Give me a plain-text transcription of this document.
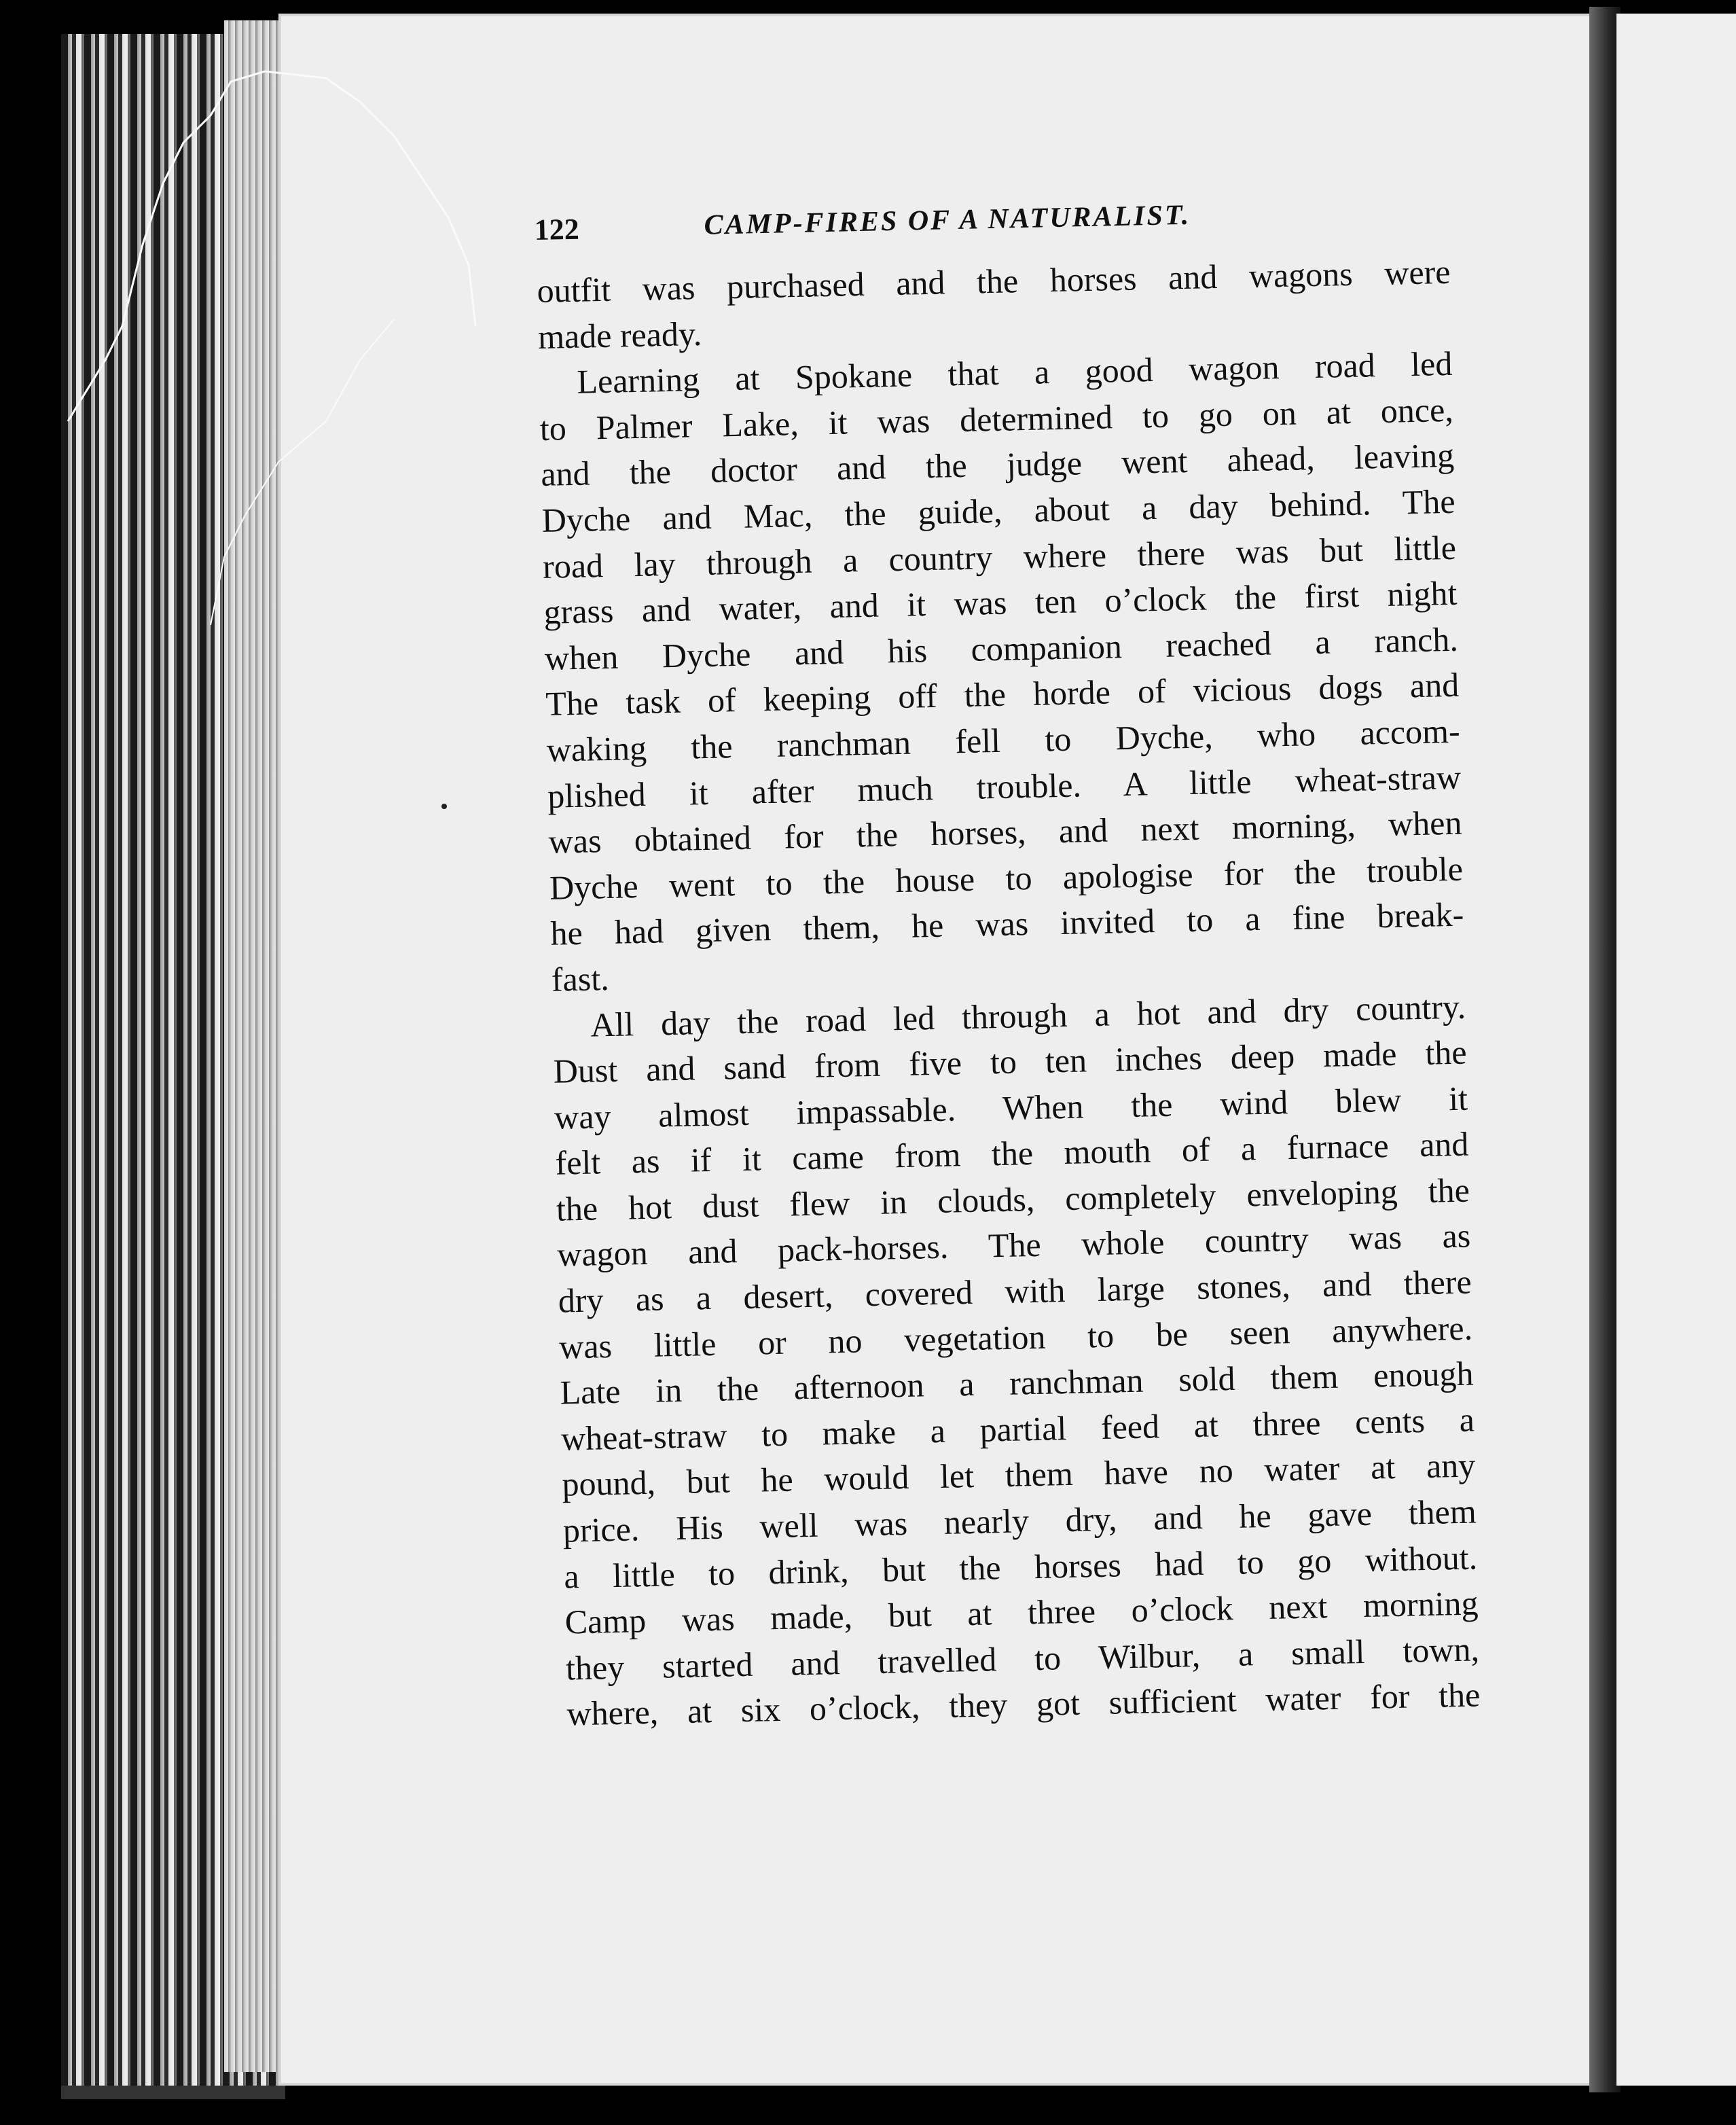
122	CAMP-FIRES OF A NATURALIST.
outfit was purchased and the horses and wagons were
made ready.
Learning at Spokane that a good wagon road led
to Palmer Lake, it was determined to go on at once,
and the doctor and the judge went ahead, leaving
Dyche and Mac, the guide, about a day behind. The
road lay through a country where there was but little
grass and water, and it was ten o’clock the first night
when Dyche and his companion reached a ranch.
The task of keeping off the horde of vicious dogs and
waking the ranchman fell to Dyche, who accom-
plished it after much trouble. A little wheat-straw
was obtained for the horses, and next morning, when
Dyche went to the house to apologise for the trouble
he had given them, he was invited to a fine break-
fast.
All day the road led through a hot and dry country.
Dust and sand from five to ten inches deep made the
way almost impassable. When the wind blew it
felt as if it came from the mouth of a furnace and
the hot dust flew in clouds, completely enveloping the
wagon and pack-horses. The whole country was as
dry as a desert, covered with large stones, and there
was little or no vegetation to be seen anywhere.
Late in the afternoon a ranchman sold them enough
wheat-straw to make a partial feed at three cents a
pound, but he would let them have no water at any
price. His well was nearly dry, and he gave them
a little to drink, but the horses had to go without.
Camp was made, but at three o’clock next morning
they started and travelled to Wilbur, a small town,
where, at six o’clock, they got sufficient water for the
